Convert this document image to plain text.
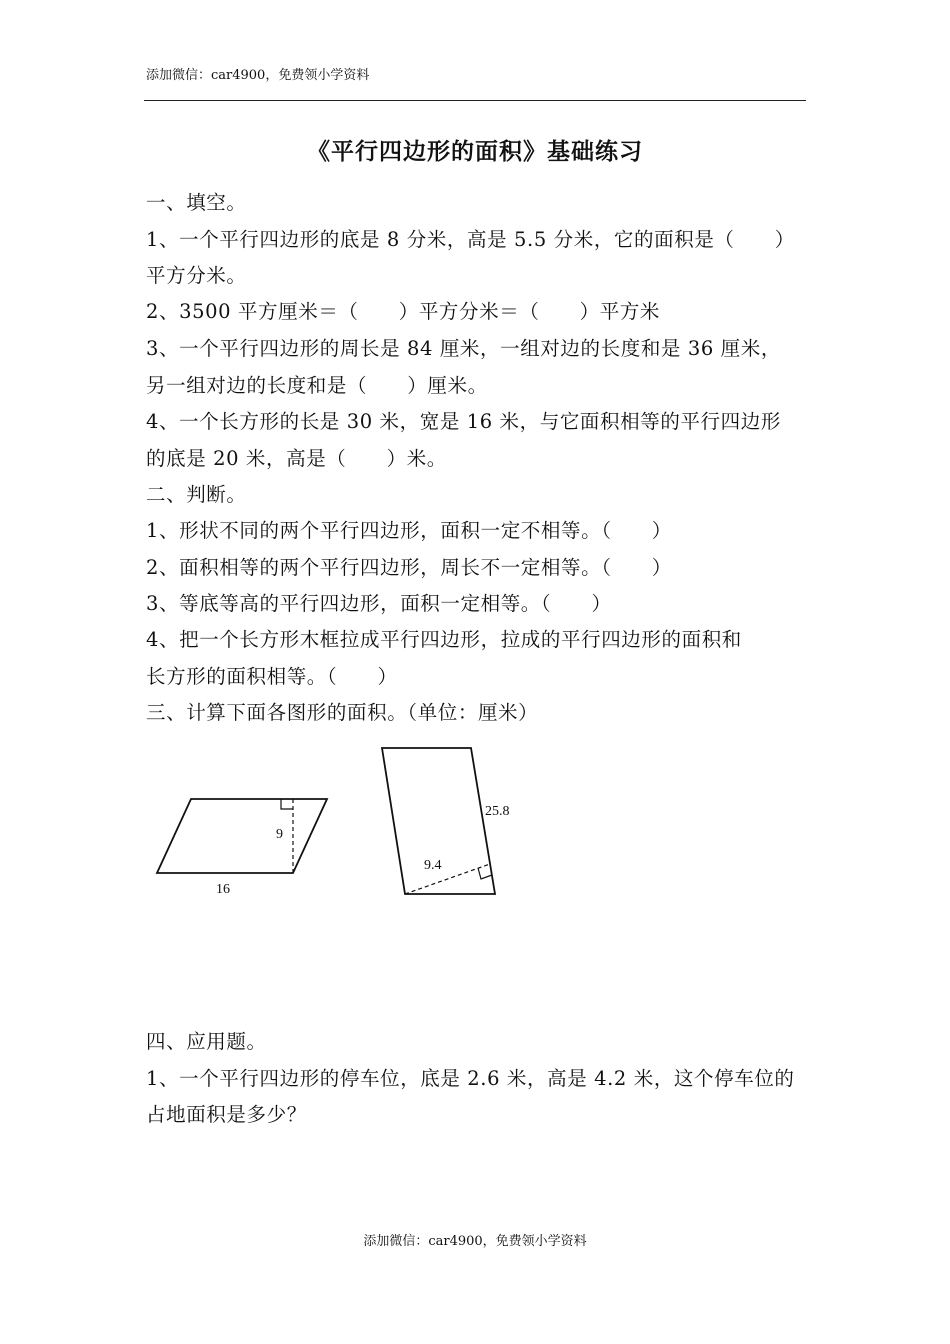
添加微信：car4900，免费领小学资料
《平行四边形的面积》基础练习
一、填空。
1、一个平行四边形的底是 8 分米，高是 5.5 分米，它的面积是（　　）
平方分米。
2、3500 平方厘米＝（　　）平方分米＝（　　）平方米
3、一个平行四边形的周长是 84 厘米，一组对边的长度和是 36 厘米，
另一组对边的长度和是（　　）厘米。
4、一个长方形的长是 30 米，宽是 16 米，与它面积相等的平行四边形
的底是 20 米，高是（　　）米。
二、判断。
1、形状不同的两个平行四边形，面积一定不相等。（　　）
2、面积相等的两个平行四边形，周长不一定相等。（　　）
3、等底等高的平行四边形，面积一定相等。（　　）
4、把一个长方形木框拉成平行四边形，拉成的平行四边形的面积和
长方形的面积相等。（　　）
三、计算下面各图形的面积。（单位：厘米）
9
16
25.8
9.4
四、应用题。
1、一个平行四边形的停车位，底是 2.6 米，高是 4.2 米，这个停车位的
占地面积是多少？
添加微信：car4900，免费领小学资料
